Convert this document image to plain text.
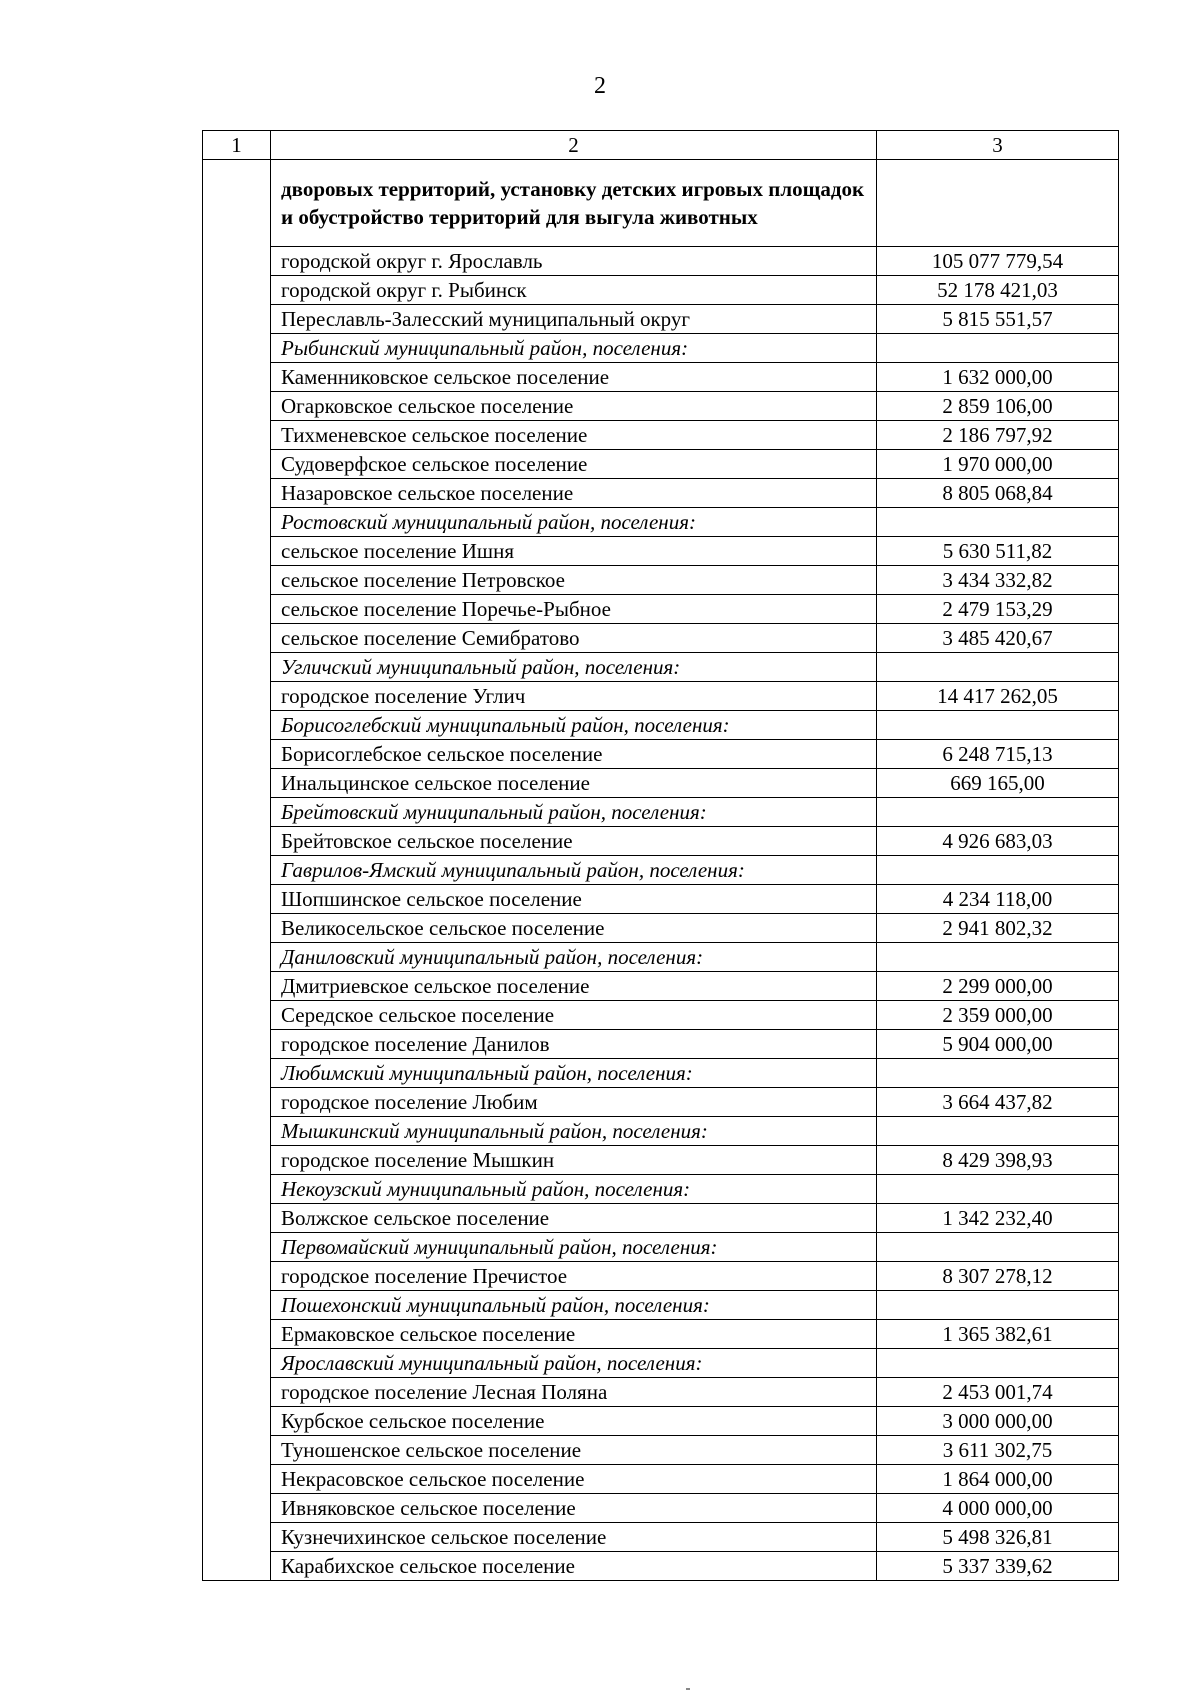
2
1	2	3
	дворовых территорий, установку детских игровых площадок и обустройство территорий для выгула животных	
	городской округ г. Ярославль	105 077 779,54
	городской округ г. Рыбинск	52 178 421,03
	Переславль-Залесский муниципальный округ	5 815 551,57
	Рыбинский муниципальный район, поселения:	
	Каменниковское сельское поселение	1 632 000,00
	Огарковское сельское поселение	2 859 106,00
	Тихменевское сельское поселение	2 186 797,92
	Судоверфское сельское поселение	1 970 000,00
	Назаровское сельское поселение	8 805 068,84
	Ростовский муниципальный район, поселения:	
	сельское поселение Ишня	5 630 511,82
	сельское поселение Петровское	3 434 332,82
	сельское поселение Поречье-Рыбное	2 479 153,29
	сельское поселение Семибратово	3 485 420,67
	Угличский муниципальный район, поселения:	
	городское поселение Углич	14 417 262,05
	Борисоглебский муниципальный район, поселения:	
	Борисоглебское сельское поселение	6 248 715,13
	Инальцинское сельское поселение	669 165,00
	Брейтовский муниципальный район, поселения:	
	Брейтовское сельское поселение	4 926 683,03
	Гаврилов-Ямский муниципальный район, поселения:	
	Шопшинское сельское поселение	4 234 118,00
	Великосельское сельское поселение	2 941 802,32
	Даниловский муниципальный район, поселения:	
	Дмитриевское сельское поселение	2 299 000,00
	Середское сельское поселение	2 359 000,00
	городское поселение Данилов	5 904 000,00
	Любимский муниципальный район, поселения:	
	городское поселение Любим	3 664 437,82
	Мышкинский муниципальный район, поселения:	
	городское поселение Мышкин	8 429 398,93
	Некоузский муниципальный район, поселения:	
	Волжское сельское поселение	1 342 232,40
	Первомайский муниципальный район, поселения:	
	городское поселение Пречистое	8 307 278,12
	Пошехонский муниципальный район, поселения:	
	Ермаковское сельское поселение	1 365 382,61
	Ярославский муниципальный район, поселения:	
	городское поселение Лесная Поляна	2 453 001,74
	Курбское сельское поселение	3 000 000,00
	Туношенское сельское поселение	3 611 302,75
	Некрасовское сельское поселение	1 864 000,00
	Ивняковское сельское поселение	4 000 000,00
	Кузнечихинское сельское поселение	5 498 326,81
	Карабихское сельское поселение	5 337 339,62
